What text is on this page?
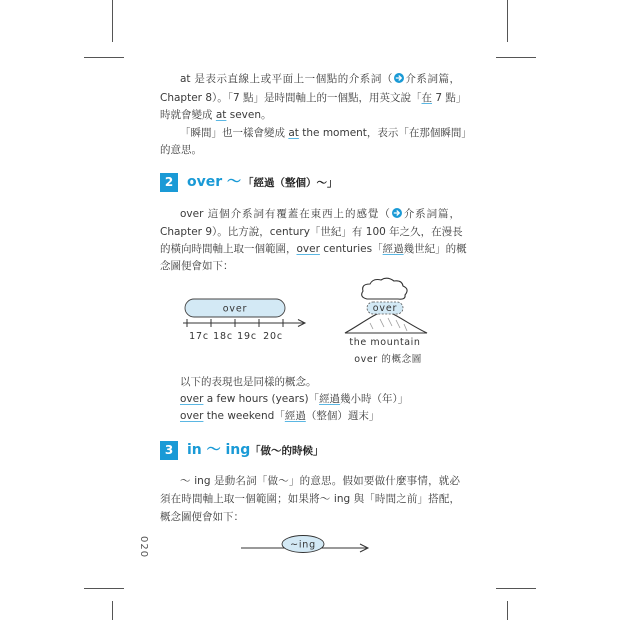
at 是表示直線上或平面上一個點的介系詞（ 介系詞篇，
Chapter 8）。「7 點」是時間軸上的一個點，用英文說「在 7 點」
時就會變成 at seven。
「瞬間」也一樣會變成 at the moment，表示「在那個瞬間」
的意思。
2 over ～ 「經過（整個）～」
over 這個介系詞有覆蓋在東西上的感覺（ 介系詞篇，
Chapter 9）。比方說，century「世紀」有 100 年之久，在漫長
的橫向時間軸上取一個範圍，over centuries「經過幾世紀」的概
念圖便會如下：
over
17c 18c 19c 20c
over
the mountain
over 的概念圖
以下的表現也是同樣的概念。
over a few hours (years)「經過幾小時（年）」
over the weekend「經過（整個）週末」
3 in ～ ing 「做～的時候」
～ ing 是動名詞「做～」的意思。假如要做什麼事情，就必
須在時間軸上取一個範圍；如果將～ ing 與「時間之前」搭配，
概念圖便會如下：
~ing
020
